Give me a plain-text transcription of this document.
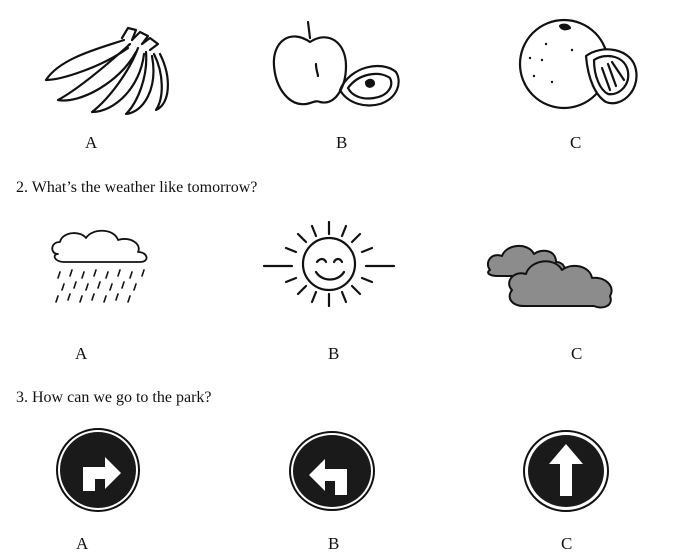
A	B	C
2. What’s the weather like tomorrow?
A	B	C
3. How can we go to the park?
A	B	C
